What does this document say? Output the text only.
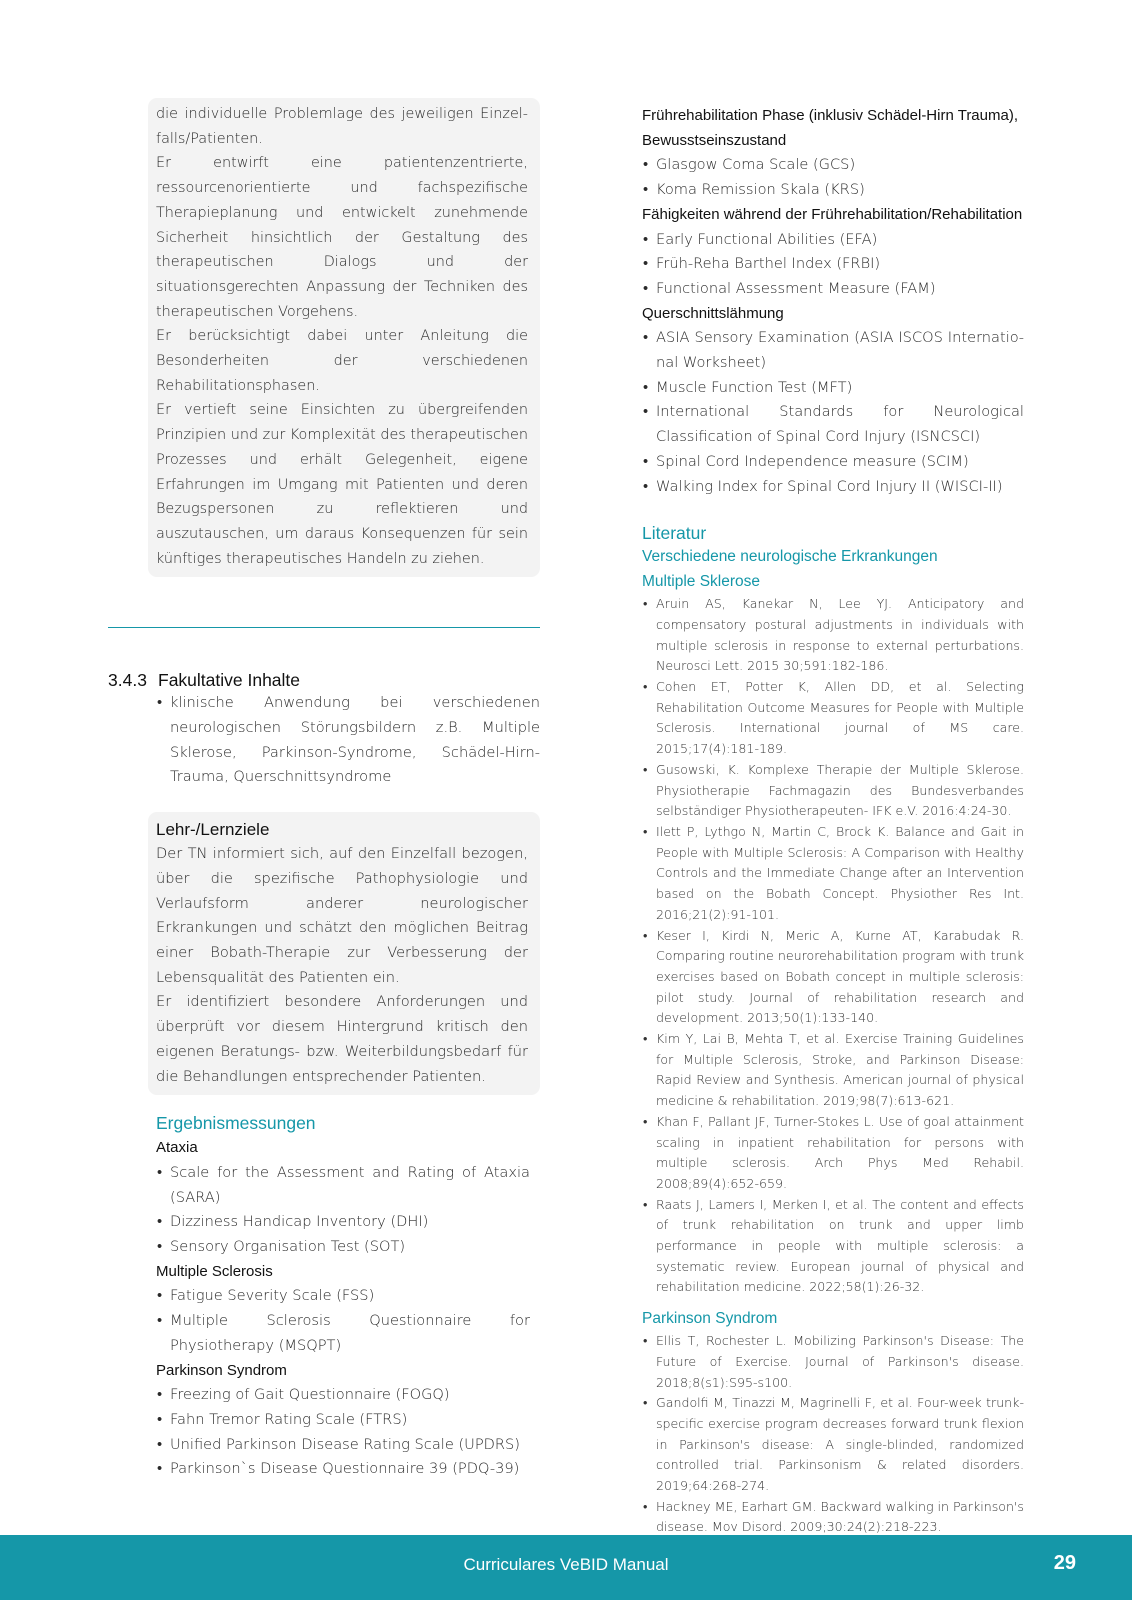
die individuelle Problemlage des jeweiligen Einzelfalls/Patienten.

Er entwirft eine patientenzentrierte, ressourcenorientierte und fachspezifische Therapieplanung und entwickelt zunehmende Sicherheit hinsichtlich der Gestaltung des therapeutischen Dialogs und der situationsgerechten Anpassung der Techniken des therapeutischen Vorgehens.

Er berücksichtigt dabei unter Anleitung die Besonderheiten der verschiedenen Rehabilitationsphasen.

Er vertieft seine Einsichten zu übergreifenden Prinzipien und zur Komplexität des therapeutischen Prozesses und erhält Gelegenheit, eigene Erfahrungen im Umgang mit Patienten und deren Bezugspersonen zu reflektieren und auszutauschen, um daraus Konsequenzen für sein künftiges therapeutisches Handeln zu ziehen.

3.4.3 Fakultative Inhalte
• klinische Anwendung bei verschiedenen neurologischen Störungsbildern z.B. Multiple Sklerose, Parkinson-Syndrome, Schädel-Hirn-Trauma, Querschnittsyndrome
Lehr-/Lernziele

Der TN informiert sich, auf den Einzelfall bezogen, über die spezifische Pathophysiologie und Verlaufsform anderer neurologischer Erkrankungen und schätzt den möglichen Beitrag einer Bobath-Therapie zur Verbesserung der Lebensqualität des Patienten ein.

Er identifiziert besondere Anforderungen und überprüft vor diesem Hintergrund kritisch den eigenen Beratungs- bzw. Weiterbildungsbedarf für die Behandlungen entsprechender Patienten.

Ergebnismessungen
Ataxia
• Scale for the Assessment and Rating of Ataxia (SARA)
• Dizziness Handicap Inventory (DHI)
• Sensory Organisation Test (SOT)
Multiple Sclerosis
• Fatigue Severity Scale (FSS)
• Multiple Sclerosis Questionnaire for Physiotherapy (MSQPT)
Parkinson Syndrom
• Freezing of Gait Questionnaire (FOGQ)
• Fahn Tremor Rating Scale (FTRS)
• Unified Parkinson Disease Rating Scale (UPDRS)
• Parkinson`s Disease Questionnaire 39 (PDQ-39)
Frührehabilitation Phase (inklusiv Schädel-Hirn Trauma), Bewusstseinszustand
• Glasgow Coma Scale (GCS)
• Koma Remission Skala (KRS)
Fähigkeiten während der Frührehabilitation/Rehabilitation
• Early Functional Abilities (EFA)
• Früh-Reha Barthel Index (FRBI)
• Functional Assessment Measure (FAM)
Querschnittslähmung
• ASIA Sensory Examination (ASIA ISCOS International Worksheet)
• Muscle Function Test (MFT)
• International Standards for Neurological Classification of Spinal Cord Injury (ISNCSCI)
• Spinal Cord Independence measure (SCIM)
• Walking Index for Spinal Cord Injury II (WISCI-II)
Literatur
Verschiedene neurologische Erkrankungen
Multiple Sklerose
• Aruin AS, Kanekar N, Lee YJ. Anticipatory and compensatory postural adjustments in individuals with multiple sclerosis in response to external perturbations. Neurosci Lett. 2015 30;591:182-186.
• Cohen ET, Potter K, Allen DD, et al. Selecting Rehabilitation Outcome Measures for People with Multiple Sclerosis. International journal of MS care. 2015;17(4):181-189.
• Gusowski, K. Komplexe Therapie der Multiple Sklerose. Physiotherapie Fachmagazin des Bundesverbandes selbständiger Physiotherapeuten- IFK e.V. 2016:4:24-30.
• Ilett P, Lythgo N, Martin C, Brock K. Balance and Gait in People with Multiple Sclerosis: A Comparison with Healthy Controls and the Immediate Change after an Intervention based on the Bobath Concept. Physiother Res Int. 2016;21(2):91-101.
• Keser I, Kirdi N, Meric A, Kurne AT, Karabudak R. Comparing routine neurorehabilitation program with trunk exercises based on Bobath concept in multiple sclerosis: pilot study. Journal of rehabilitation research and development. 2013;50(1):133-140.
• Kim Y, Lai B, Mehta T, et al. Exercise Training Guidelines for Multiple Sclerosis, Stroke, and Parkinson Disease: Rapid Review and Synthesis. American journal of physical medicine & rehabilitation. 2019;98(7):613-621.
• Khan F, Pallant JF, Turner-Stokes L. Use of goal attainment scaling in inpatient rehabilitation for persons with multiple sclerosis. Arch Phys Med Rehabil. 2008;89(4):652-659.
• Raats J, Lamers I, Merken I, et al. The content and effects of trunk rehabilitation on trunk and upper limb performance in people with multiple sclerosis: a systematic review. European journal of physical and rehabilitation medicine. 2022;58(1):26-32.
Parkinson Syndrom
• Ellis T, Rochester L. Mobilizing Parkinson's Disease: The Future of Exercise. Journal of Parkinson's disease. 2018;8(s1):S95-s100.
• Gandolfi M, Tinazzi M, Magrinelli F, et al. Four-week trunkspecific exercise program decreases forward trunk flexion in Parkinson's disease: A single-blinded, randomized controlled trial. Parkinsonism & related disorders. 2019;64:268-274.
• Hackney ME, Earhart GM. Backward walking in Parkinson's disease. Mov Disord. 2009;30:24(2):218-223.
Curriculares VeBID Manual	29
